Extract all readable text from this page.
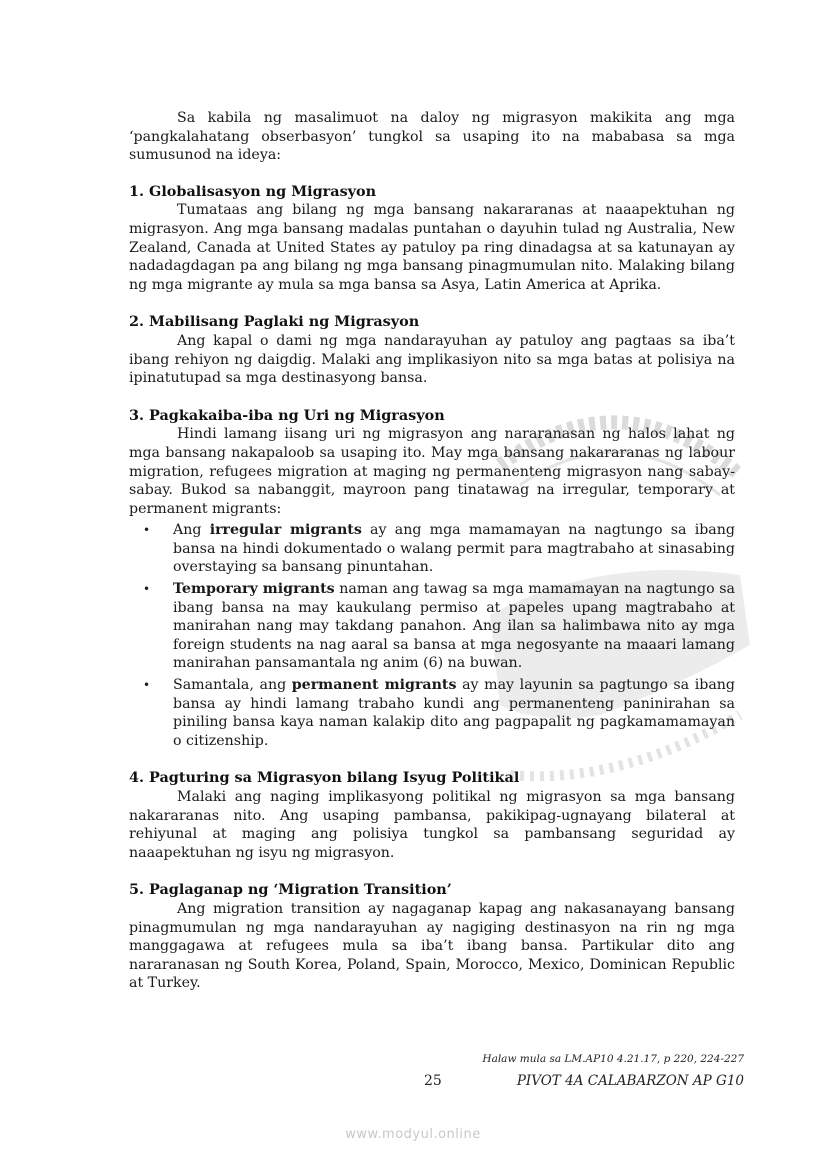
Sa kabila ng masalimuot na daloy ng migrasyon makikita ang mga ‘pangkalahatang obserbasyon’ tungkol sa usaping ito na mababasa sa mga sumusunod na ideya:

1. Globalisasyon ng Migrasyon

Tumataas ang bilang ng mga bansang nakararanas at naaapektuhan ng migrasyon. Ang mga bansang madalas puntahan o dayuhin tulad ng Australia, New Zealand, Canada at United States ay patuloy pa ring dinadagsa at sa katunayan ay nadadagdagan pa ang bilang ng mga bansang pinagmumulan nito. Malaking bilang ng mga migrante ay mula sa mga bansa sa Asya, Latin America at Aprika.

2. Mabilisang Paglaki ng Migrasyon

Ang kapal o dami ng mga nandarayuhan ay patuloy ang pagtaas sa iba’t ibang rehiyon ng daigdig. Malaki ang implikasiyon nito sa mga batas at polisiya na ipinatutupad sa mga destinasyong bansa.

3. Pagkakaiba-iba ng Uri ng Migrasyon

Hindi lamang iisang uri ng migrasyon ang nararanasan ng halos lahat ng mga bansang nakapaloob sa usaping ito. May mga bansang nakararanas ng labour migration, refugees migration at maging ng permanenteng migrasyon nang sabay-sabay. Bukod sa nabanggit, mayroon pang tinatawag na irregular, temporary at permanent migrants:

• Ang irregular migrants ay ang mga mamamayan na nagtungo sa ibang bansa na hindi dokumentado o walang permit para magtrabaho at sinasabing overstaying sa bansang pinuntahan.
• Temporary migrants naman ang tawag sa mga mamamayan na nagtungo sa ibang bansa na may kaukulang permiso at papeles upang magtrabaho at manirahan nang may takdang panahon. Ang ilan sa halimbawa nito ay mga foreign students na nag aaral sa bansa at mga negosyante na maaari lamang manirahan pansamantala ng anim (6) na buwan.
• Samantala, ang permanent migrants ay may layunin sa pagtungo sa ibang bansa ay hindi lamang trabaho kundi ang permanenteng paninirahan sa piniling bansa kaya naman kalakip dito ang pagpapalit ng pagkamamamayan o citizenship.

4. Pagturing sa Migrasyon bilang Isyug Politikal

Malaki ang naging implikasyong politikal ng migrasyon sa mga bansang nakararanas nito. Ang usaping pambansa, pakikipag-ugnayang bilateral at rehiyunal at maging ang polisiya tungkol sa pambansang seguridad ay naaapektuhan ng isyu ng migrasyon.

5. Paglaganap ng ‘Migration Transition’

Ang migration transition ay nagaganap kapag ang nakasanayang bansang pinagmumulan ng mga nandarayuhan ay nagiging destinasyon na rin ng mga manggagawa at refugees mula sa iba’t ibang bansa. Partikular dito ang nararanasan ng South Korea, Poland, Spain, Morocco, Mexico, Dominican Republic at Turkey.

Halaw mula sa LM.AP10 4.21.17, p 220, 224-227
25	PIVOT 4A CALABARZON AP G10
www.modyul.online
